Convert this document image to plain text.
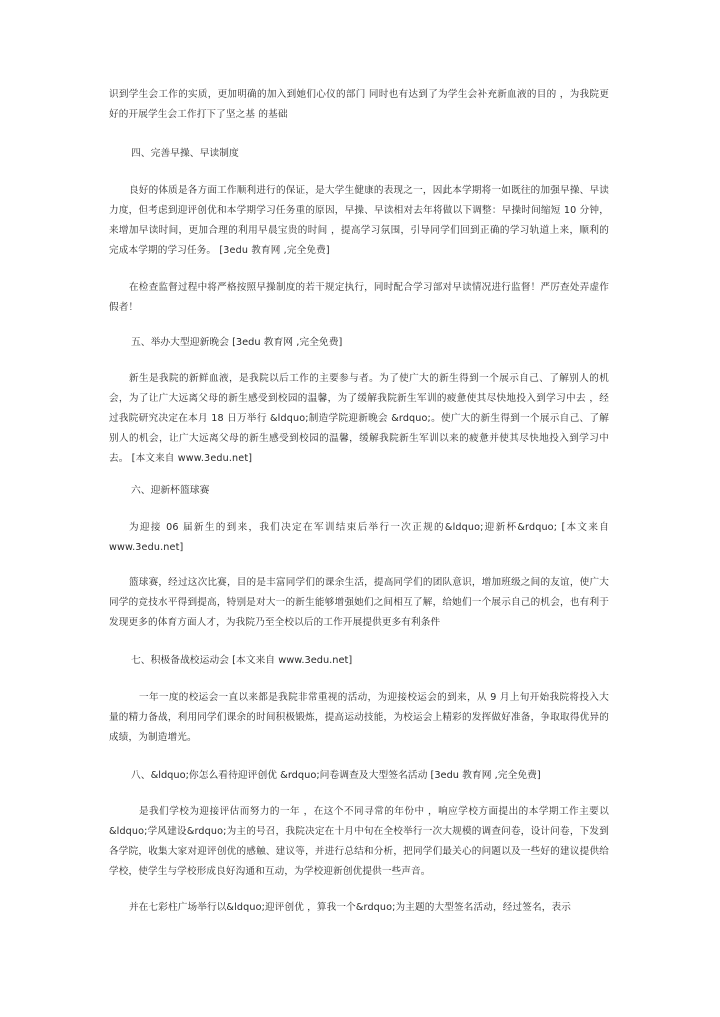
识到学生会工作的实质，更加明确的加入到她们心仪的部门 同时也有达到了为学生会补充新血液的目的 ，为我院更好的开展学生会工作打下了坚之基 的基础

四、完善早操、早读制度

良好的体质是各方面工作顺利进行的保证，是大学生健康的表现之一，因此本学期将一如既往的加强早操、早读力度，但考虑到迎评创优和本学期学习任务重的原因，早操、早读相对去年将做以下调整：早操时间缩短 10 分钟，来增加早读时间，更加合理的利用早晨宝贵的时间 ，提高学习氛围，引导同学们回到正确的学习轨道上来，顺利的完成本学期的学习任务。 [3edu 教育网 ,完全免费]

在检查监督过程中将严格按照早操制度的若干规定执行，同时配合学习部对早读情况进行监督！严厉查处弄虚作假者！

五、举办大型迎新晚会 [3edu 教育网 ,完全免费]

新生是我院的新鲜血液，是我院以后工作的主要参与者。为了使广大的新生得到一个展示自己、了解别人的机会，为了让广大远离父母的新生感受到校园的温馨，为了缓解我院新生军训的疲惫使其尽快地投入到学习中去 ，经过我院研究决定在本月 18 日万举行 &ldquo;制造学院迎新晚会 &rdquo;。使广大的新生得到一个展示自己、了解别人的机会，让广大远离父母的新生感受到校园的温馨，缓解我院新生军训以来的疲惫并使其尽快地投入到学习中去。 [本文来自 www.3edu.net]

六、迎新杯篮球赛

为迎接 06 届新生的到来，我们决定在军训结束后举行一次正规的&ldquo;迎新杯&rdquo; [本文来自 www.3edu.net]

篮球赛，经过这次比赛，目的是丰富同学们的课余生活，提高同学们的团队意识，增加班级之间的友谊，使广大同学的竞技水平得到提高，特别是对大一的新生能够增强她们之间相互了解，给她们一个展示自己的机会，也有利于发现更多的体育方面人才，为我院乃至全校以后的工作开展提供更多有利条件

七、积极备战校运动会 [本文来自 www.3edu.net]

一年一度的校运会一直以来都是我院非常重视的活动，为迎接校运会的到来，从 9 月上旬开始我院将投入大量的精力备战，利用同学们课余的时间积极锻炼，提高运动技能，为校运会上精彩的发挥做好准备，争取取得优异的成绩，为制造增光。

八、&ldquo;你怎么看待迎评创优 &rdquo;问卷调查及大型签名活动 [3edu 教育网 ,完全免费]

是我们学校为迎接评估而努力的一年 ，在这个不同寻常的年份中 ，响应学校方面提出的本学期工作主要以&ldquo;学风建设&rdquo;为主的号召，我院决定在十月中旬在全校举行一次大规模的调查问卷，设计问卷，下发到各学院，收集大家对迎评创优的感触、建议等，并进行总结和分析，把同学们最关心的问题以及一些好的建议提供给学校，使学生与学校形成良好沟通和互动，为学校迎新创优提供一些声音。

并在七彩柱广场举行以&ldquo;迎评创优 ，算我一个&rdquo;为主题的大型签名活动，经过签名，表示
